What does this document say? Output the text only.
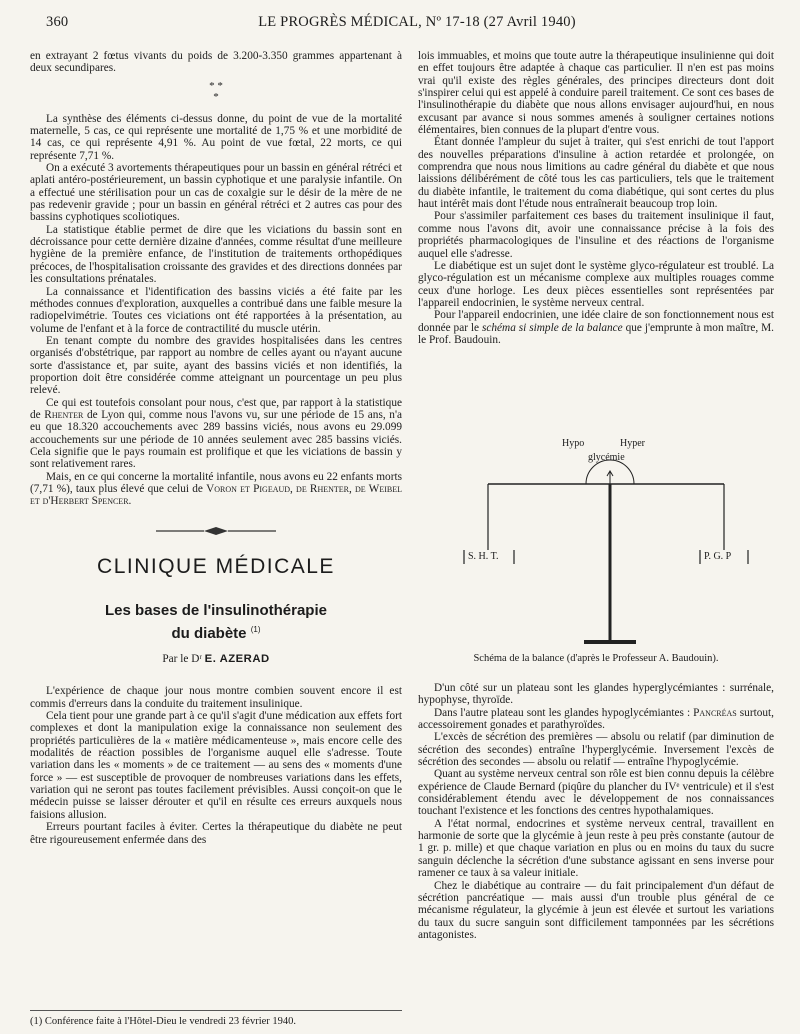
360	LE PROGRÈS MÉDICAL, Nº 17-18 (27 Avril 1940)

en extrayant 2 fœtus vivants du poids de 3.200-3.350 grammes appartenant à deux secundipares.

* *
*

La synthèse des éléments ci-dessus donne, du point de vue de la mortalité maternelle, 5 cas, ce qui représente une mortalité de 1,75 % et une morbidité de 14 cas, ce qui représente 4,91 %. Au point de vue fœtal, 22 morts, ce qui représente 7,71 %.

On a exécuté 3 avortements thérapeutiques pour un bassin en général rétréci et aplati antéro-postérieurement, un bassin cyphotique et une paralysie infantile. On a effectué une stérilisation pour un cas de coxalgie sur le désir de la mère de ne pas redevenir gravide ; pour un bassin en général rétréci et 2 autres cas pour des bassins cyphotiques scoliotiques.

La statistique établie permet de dire que les viciations du bassin sont en décroissance pour cette dernière dizaine d'années, comme résultat d'une meilleure hygiène de la première enfance, de l'institution de traitements orthopédiques précoces, de l'hospitalisation croissante des gravides et des directions données par les consultations prénatales.

La connaissance et l'identification des bassins viciés a été faite par les méthodes connues d'exploration, auxquelles a contribué dans une faible mesure la radiopelvimétrie. Toutes ces viciations ont été rapportées à la présentation, au volume de l'enfant et à la force de contractilité du muscle utérin.

En tenant compte du nombre des gravides hospitalisées dans les centres organisés d'obstétrique, par rapport au nombre de celles ayant ou n'ayant aucune sorte d'assistance et, par suite, ayant des bassins viciés et non identifiés, la proportion doit être considérée comme atteignant un pourcentage un peu plus relevé.

Ce qui est toutefois consolant pour nous, c'est que, par rapport à la statistique de Rhenter de Lyon qui, comme nous l'avons vu, sur une période de 15 ans, n'a eu que 18.320 accouchements avec 289 bassins viciés, nous avons eu 29.099 accouchements sur une période de 10 années seulement avec 285 bassins viciés. Cela signifie que le pays roumain est prolifique et que les viciations de bassin y sont relativement rares.

Mais, en ce qui concerne la mortalité infantile, nous avons eu 22 enfants morts (7,71 %), taux plus élevé que celui de Voron et Pigeaud, de Rhenter, de Weibel et d'Herbert Spencer.

CLINIQUE MÉDICALE
Les bases de l'insulinothérapie
du diabète $^{(1)}$
Par le Dʳ E. AZERAD

L'expérience de chaque jour nous montre combien souvent encore il est commis d'erreurs dans la conduite du traitement insulinique.

Cela tient pour une grande part à ce qu'il s'agit d'une médication aux effets fort complexes et dont la manipulation exige la connaissance non seulement des propriétés particulières de la « matière médicamenteuse », mais encore celle des modalités de réaction possibles de l'organisme auquel elle s'adresse. Toute variation dans les « moments » de ce traitement — au sens des « moments d'une force » — est susceptible de provoquer de nombreuses variations dans les effets, variation qui ne seront pas toutes facilement prévisibles. Aussi conçoit-on que le médecin puisse se laisser dérouter et qu'il en résulte ces erreurs auxquels nous faisions allusion.

Erreurs pourtant faciles à éviter. Certes la thérapeutique du diabète ne peut être rigoureusement enfermée dans des

(1) Conférence faite à l'Hôtel-Dieu le vendredi 23 février 1940.

lois immuables, et moins que toute autre la thérapeutique insulinienne qui doit en effet toujours être adaptée à chaque cas particulier. Il n'en est pas moins vrai qu'il existe des règles générales, des principes directeurs dont doit s'inspirer celui qui est appelé à conduire pareil traitement. Ce sont ces bases de l'insulinothérapie du diabète que nous allons envisager aujourd'hui, en nous excusant par avance si nous sommes amenés à souligner certaines notions élémentaires, bien connues de la plupart d'entre vous.

Étant donnée l'ampleur du sujet à traiter, qui s'est enrichi de tout l'apport des nouvelles préparations d'insuline à action retardée et prolongée, on comprendra que nous nous limitions au cadre général du diabète et que nous laissions délibérément de côté tous les cas particuliers, tels que le traitement du diabète infantile, le traitement du coma diabétique, qui sont certes du plus haut intérêt mais dont l'étude nous entraînerait beaucoup trop loin.

Pour s'assimiler parfaitement ces bases du traitement insulinique il faut, comme nous l'avons dit, avoir une connaissance précise à la fois des propriétés pharmacologiques de l'insuline et des réactions de l'organisme auquel elle s'adresse.

Le diabétique est un sujet dont le système glyco-régulateur est troublé. La glyco-régulation est un mécanisme complexe aux multiples rouages comme ceux d'une horloge. Les deux pièces essentielles sont représentées par l'appareil endocrinien, le système nerveux central.

Pour l'appareil endocrinien, une idée claire de son fonctionnement nous est donnée par le schéma si simple de la balance que j'emprunte à mon maître, M. le Prof. Baudouin.

Hypo	Hyper
glycémie
S. H. T.	P. G. P
Schéma de la balance (d'après le Professeur A. Baudouin).

D'un côté sur un plateau sont les glandes hyperglycémiantes : surrénale, hypophyse, thyroïde.

Dans l'autre plateau sont les glandes hypoglycémiantes : Pancréas surtout, accessoirement gonades et parathyroïdes.

L'excès de sécrétion des premières — absolu ou relatif (par diminution de sécrétion des secondes) entraîne l'hyperglycémie. Inversement l'excès de sécrétion des secondes — absolu ou relatif — entraîne l'hypoglycémie.

Quant au système nerveux central son rôle est bien connu depuis la célèbre expérience de Claude Bernard (piqûre du plancher du IVᵉ ventricule) et il s'est considérablement étendu avec le développement de nos connaissances touchant l'existence et les fonctions des centres hypothalamiques.

A l'état normal, endocrines et système nerveux central, travaillent en harmonie de sorte que la glycémie à jeun reste à peu près constante (autour de 1 gr. p. mille) et que chaque variation en plus ou en moins du taux du sucre sanguin déclenche la sécrétion d'une substance agissant en sens inverse pour ramener ce taux à sa valeur initiale.

Chez le diabétique au contraire — du fait principalement d'un défaut de sécrétion pancréatique — mais aussi d'un trouble plus général de ce mécanisme régulateur, la glycémie à jeun est élevée et surtout les variations du taux du sucre sanguin sont difficilement tamponnées par les sécrétions antagonistes.
